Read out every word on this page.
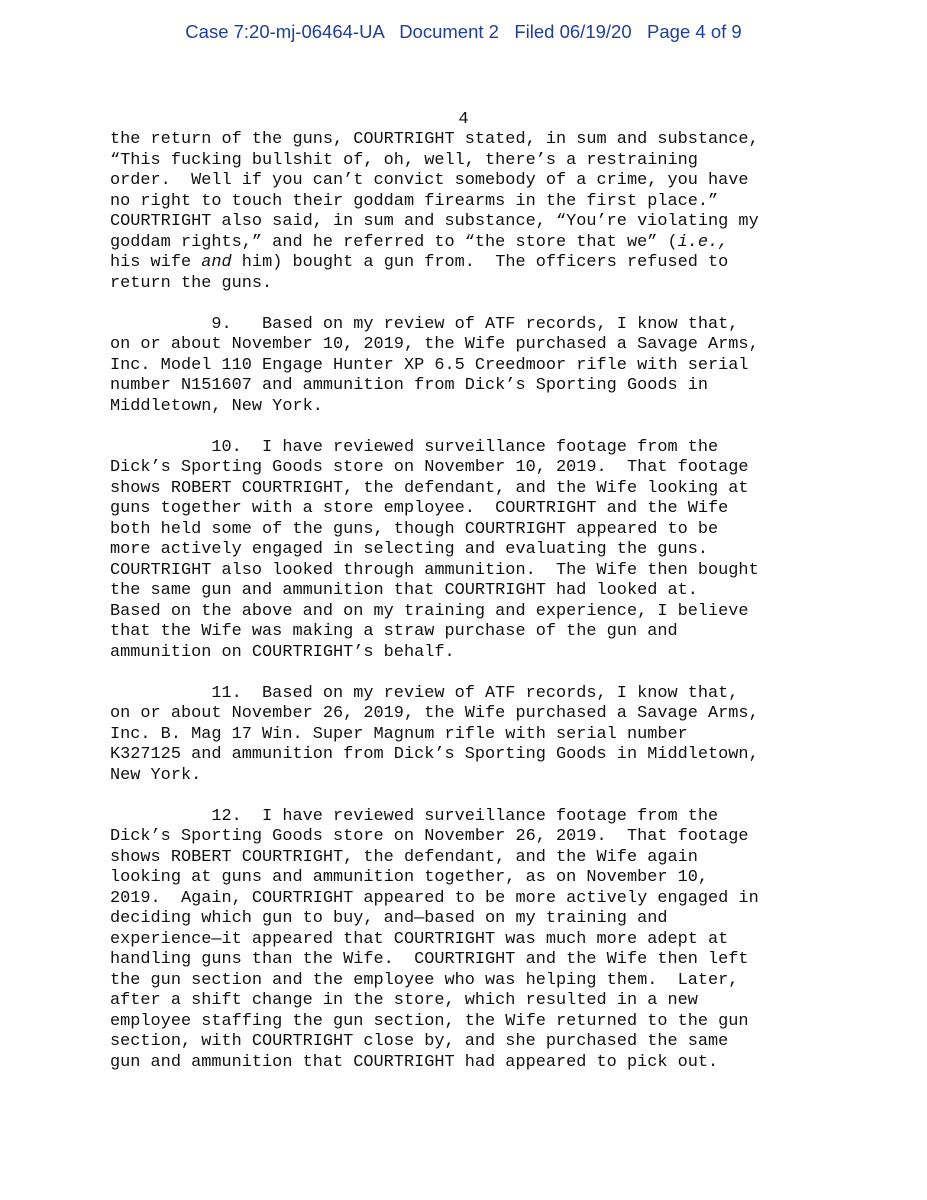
Case 7:20-mj-06464-UA Document 2 Filed 06/19/20 Page 4 of 9
4
the return of the guns, COURTRIGHT stated, in sum and substance,
“This fucking bullshit of, oh, well, there’s a restraining
order.  Well if you can’t convict somebody of a crime, you have
no right to touch their goddam firearms in the first place.”
COURTRIGHT also said, in sum and substance, “You’re violating my
goddam rights,” and he referred to “the store that we” (i.e.,
his wife and him) bought a gun from.  The officers refused to
return the guns.
9.   Based on my review of ATF records, I know that,
on or about November 10, 2019, the Wife purchased a Savage Arms,
Inc. Model 110 Engage Hunter XP 6.5 Creedmoor rifle with serial
number N151607 and ammunition from Dick’s Sporting Goods in
Middletown, New York.
10.  I have reviewed surveillance footage from the
Dick’s Sporting Goods store on November 10, 2019.  That footage
shows ROBERT COURTRIGHT, the defendant, and the Wife looking at
guns together with a store employee.  COURTRIGHT and the Wife
both held some of the guns, though COURTRIGHT appeared to be
more actively engaged in selecting and evaluating the guns.
COURTRIGHT also looked through ammunition.  The Wife then bought
the same gun and ammunition that COURTRIGHT had looked at.
Based on the above and on my training and experience, I believe
that the Wife was making a straw purchase of the gun and
ammunition on COURTRIGHT’s behalf.
11.  Based on my review of ATF records, I know that,
on or about November 26, 2019, the Wife purchased a Savage Arms,
Inc. B. Mag 17 Win. Super Magnum rifle with serial number
K327125 and ammunition from Dick’s Sporting Goods in Middletown,
New York.
12.  I have reviewed surveillance footage from the
Dick’s Sporting Goods store on November 26, 2019.  That footage
shows ROBERT COURTRIGHT, the defendant, and the Wife again
looking at guns and ammunition together, as on November 10,
2019.  Again, COURTRIGHT appeared to be more actively engaged in
deciding which gun to buy, and—based on my training and
experience—it appeared that COURTRIGHT was much more adept at
handling guns than the Wife.  COURTRIGHT and the Wife then left
the gun section and the employee who was helping them.  Later,
after a shift change in the store, which resulted in a new
employee staffing the gun section, the Wife returned to the gun
section, with COURTRIGHT close by, and she purchased the same
gun and ammunition that COURTRIGHT had appeared to pick out.
